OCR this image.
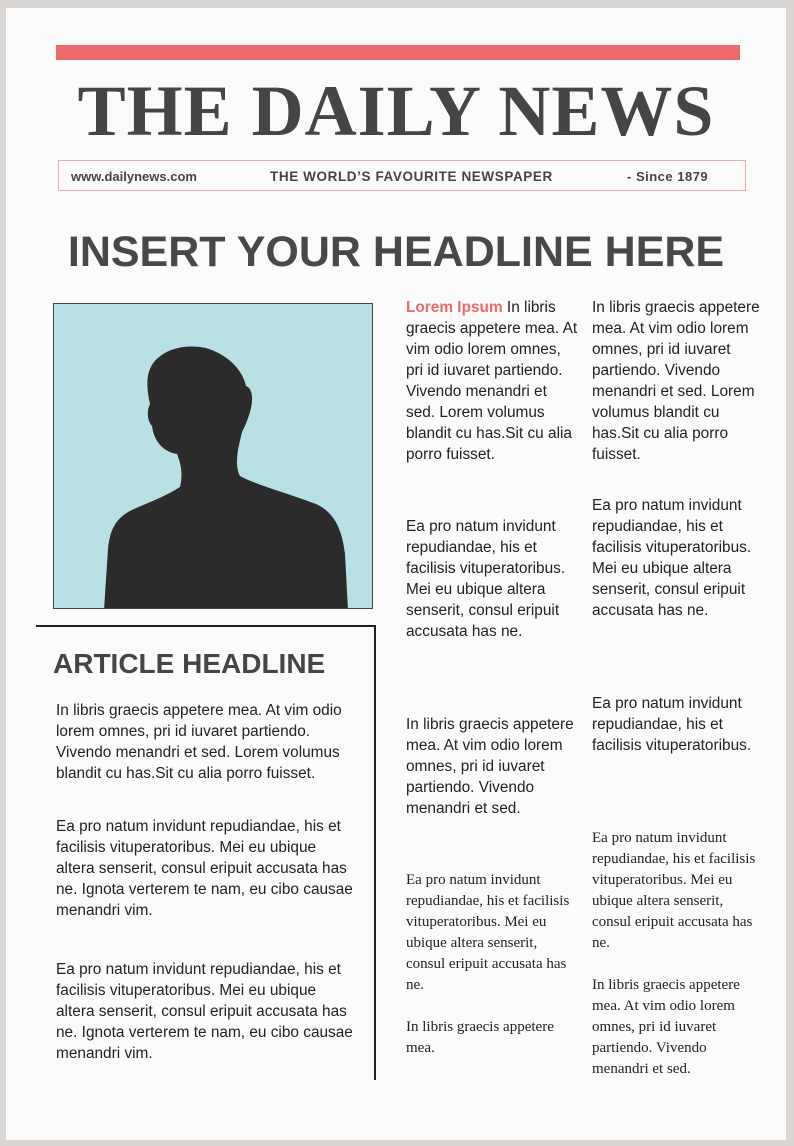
THE DAILY NEWS
www.dailynews.com	THE WORLD’S FAVOURITE NEWSPAPER	- Since 1879
INSERT YOUR HEADLINE HERE
ARTICLE HEADLINE
In libris graecis appetere mea. At vim odio lorem omnes, pri id iuvaret partiendo. Vivendo menandri et sed. Lorem volumus blandit cu has.Sit cu alia porro fuisset.
Ea pro natum invidunt repudiandae, his et facilisis vituperatoribus. Mei eu ubique altera senserit, consul eripuit accusata has ne. Ignota verterem te nam, eu cibo causae menandri vim.
Ea pro natum invidunt repudiandae, his et facilisis vituperatoribus. Mei eu ubique altera senserit, consul eripuit accusata has ne. Ignota verterem te nam, eu cibo causae menandri vim.
Lorem Ipsum In libris graecis appetere mea. At vim odio lorem omnes, pri id iuvaret partiendo. Vivendo menandri et sed. Lorem volumus blandit cu has.Sit cu alia porro fuisset.
Ea pro natum invidunt repudiandae, his et facilisis vituperatoribus. Mei eu ubique altera senserit, consul eripuit accusata has ne.
In libris graecis appetere mea. At vim odio lorem omnes, pri id iuvaret partiendo. Vivendo menandri et sed.
Ea pro natum invidunt repudiandae, his et facilisis vituperatoribus. Mei eu ubique altera senserit, consul eripuit accusata has ne.
In libris graecis appetere mea.
In libris graecis appetere mea. At vim odio lorem omnes, pri id iuvaret partiendo. Vivendo menandri et sed. Lorem volumus blandit cu has.Sit cu alia porro fuisset.
Ea pro natum invidunt repudiandae, his et facilisis vituperatoribus. Mei eu ubique altera senserit, consul eripuit accusata has ne.
Ea pro natum invidunt repudiandae, his et facilisis vituperatoribus.
Ea pro natum invidunt repudiandae, his et facilisis vituperatoribus. Mei eu ubique altera senserit, consul eripuit accusata has ne.
In libris graecis appetere mea. At vim odio lorem omnes, pri id iuvaret partiendo. Vivendo menandri et sed.
